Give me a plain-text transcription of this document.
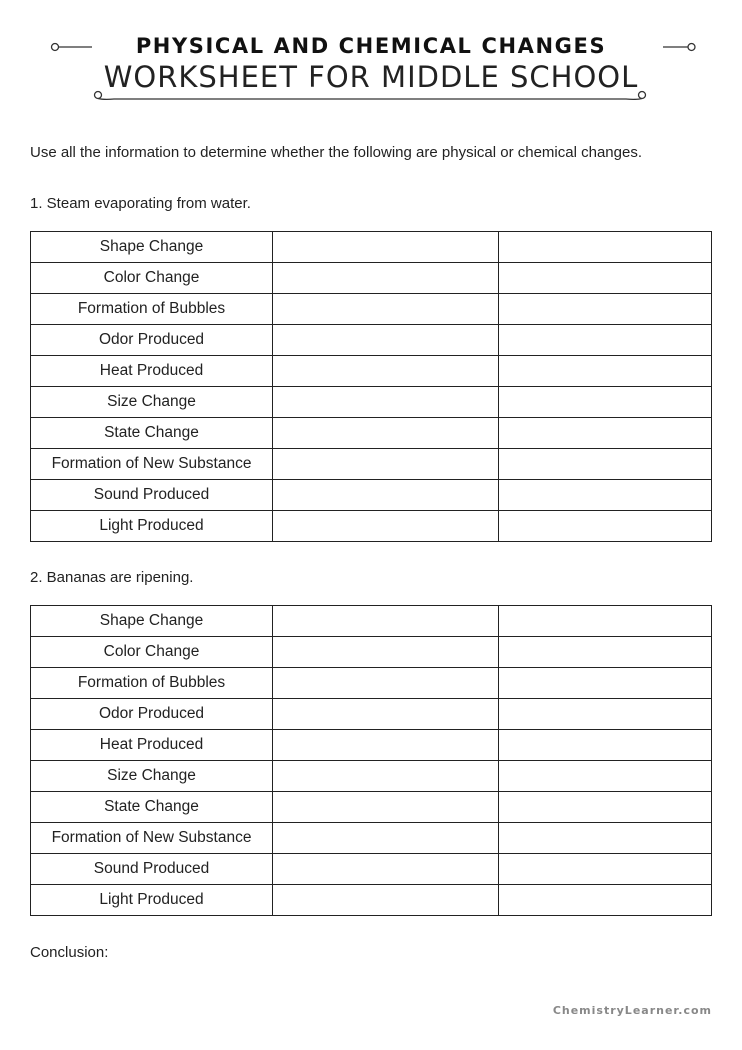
PHYSICAL AND CHEMICAL CHANGES
WORKSHEET FOR MIDDLE SCHOOL
Use all the information to determine whether the following are physical or chemical changes.
1. Steam evaporating from water.
Shape Change		
Color Change		
Formation of Bubbles		
Odor Produced		
Heat Produced		
Size Change		
State Change		
Formation of New Substance		
Sound Produced		
Light Produced		
2. Bananas are ripening.
Shape Change		
Color Change		
Formation of Bubbles		
Odor Produced		
Heat Produced		
Size Change		
State Change		
Formation of New Substance		
Sound Produced		
Light Produced		
Conclusion:
ChemistryLearner.com
